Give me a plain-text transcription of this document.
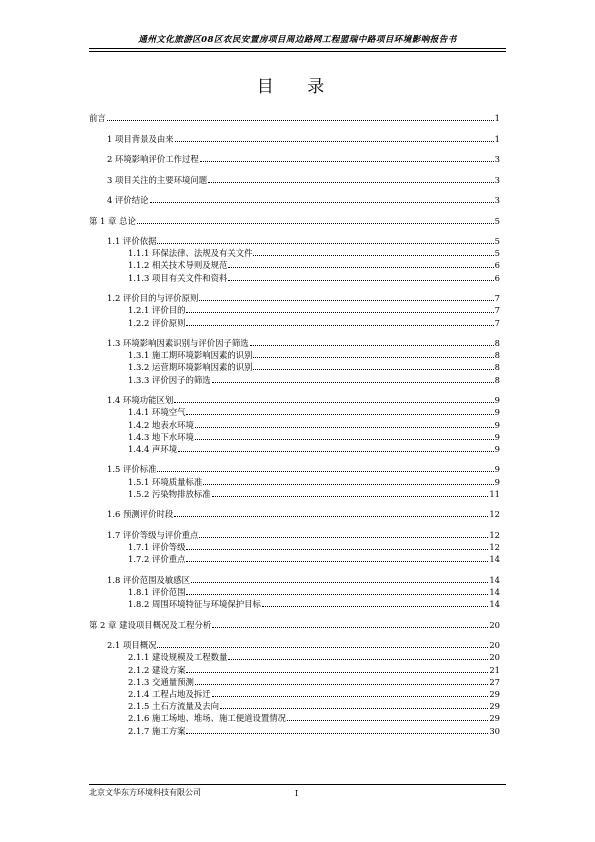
通州文化旅游区08区农民安置房项目周边路网工程盟瑞中路项目环境影响报告书
目 录
前言	1
1 项目背景及由来	1
2 环境影响评价工作过程	3
3 项目关注的主要环境问题	3
4 评价结论	3
第 1 章 总论	5
1.1 评价依据	5
1.1.1 环保法律、法规及有关文件	5
1.1.2 相关技术导则及规范	6
1.1.3 项目有关文件和资料	6
1.2 评价目的与评价原则	7
1.2.1 评价目的	7
1.2.2 评价原则	7
1.3 环境影响因素识别与评价因子筛选	8
1.3.1 施工期环境影响因素的识别	8
1.3.2 运营期环境影响因素的识别	8
1.3.3 评价因子的筛选	8
1.4 环境功能区划	9
1.4.1 环境空气	9
1.4.2 地表水环境	9
1.4.3 地下水环境	9
1.4.4 声环境	9
1.5 评价标准	9
1.5.1 环境质量标准	9
1.5.2 污染物排放标准	11
1.6 预测评价时段	12
1.7 评价等级与评价重点	12
1.7.1 评价等级	12
1.7.2 评价重点	14
1.8 评价范围及敏感区	14
1.8.1 评价范围	14
1.8.2 周围环境特征与环境保护目标	14
第 2 章 建设项目概况及工程分析	20
2.1 项目概况	20
2.1.1 建设规模及工程数量	20
2.1.2 建设方案	21
2.1.3 交通量预测	27
2.1.4 工程占地及拆迁	29
2.1.5 土石方流量及去向	29
2.1.6 施工场地、堆场、施工便道设置情况	29
2.1.7 施工方案	30
北京文华东方环境科技有限公司	I
